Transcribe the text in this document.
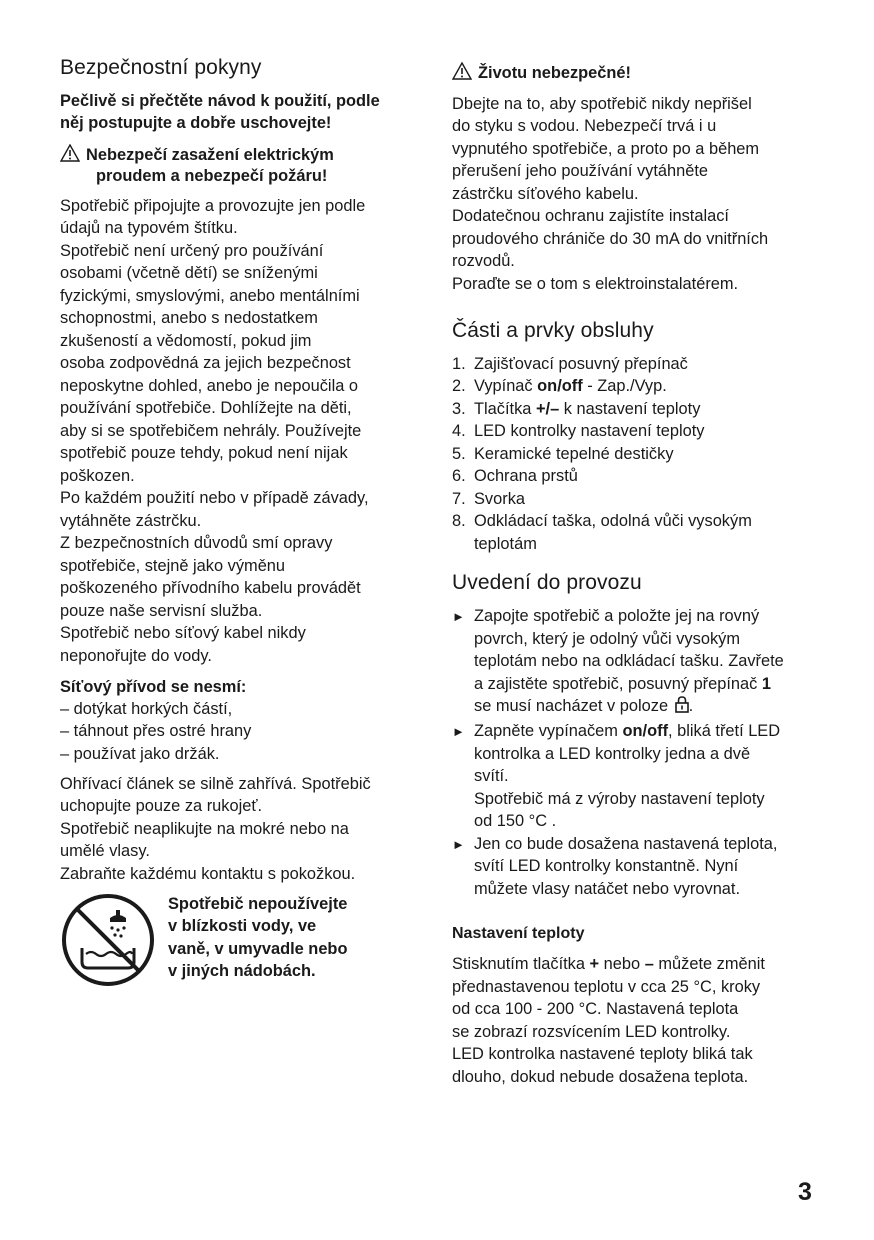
Bezpečnostní pokyny
Pečlivě si přečtěte návod k použití, podle
něj postupujte a dobře uschovejte!
Nebezpečí zasažení elektrickým
proudem a nebezpečí požáru!
Spotřebič připojujte a provozujte jen podle
údajů na typovém štítku.
Spotřebič není určený pro používání
osobami (včetně dětí) se sníženými
fyzickými, smyslovými, anebo mentálními
schopnostmi, anebo s nedostatkem
zkušeností a vědomostí, pokud jim
osoba zodpovědná za jejich bezpečnost
neposkytne dohled, anebo je nepoučila o
používání spotřebiče. Dohlížejte na děti,
aby si se spotřebičem nehrály. Používejte
spotřebič pouze tehdy, pokud není nijak
poškozen.
Po každém použití nebo v případě závady,
vytáhněte zástrčku.
Z bezpečnostních důvodů smí opravy
spotřebiče, stejně jako výměnu
poškozeného přívodního kabelu provádět
pouze naše servisní služba.
Spotřebič nebo síťový kabel nikdy
neponořujte do vody.
Síťový přívod se nesmí:
– dotýkat horkých částí,
– táhnout přes ostré hrany
– používat jako držák.
Ohřívací článek se silně zahřívá. Spotřebič
uchopujte pouze za rukojeť.
Spotřebič neaplikujte na mokré nebo na
umělé vlasy.
Zabraňte každému kontaktu s pokožkou.
Spotřebič nepoužívejte
v blízkosti vody, ve
vaně, v umyvadle nebo
v jiných nádobách.
Životu nebezpečné!
Dbejte na to, aby spotřebič nikdy nepřišel
do styku s vodou. Nebezpečí trvá i u
vypnutého spotřebiče, a proto po a během
přerušení jeho používání vytáhněte
zástrčku síťového kabelu.
Dodatečnou ochranu zajistíte instalací
proudového chrániče do 30 mA do vnitřních
rozvodů.
Poraďte se o tom s elektroinstalatérem.
Části a prvky obsluhy
1. Zajišťovací posuvný přepínač
2. Vypínač on/off - Zap./Vyp.
3. Tlačítka +/– k nastavení teploty
4. LED kontrolky nastavení teploty
5. Keramické tepelné destičky
6. Ochrana prstů
7. Svorka
8. Odkládací taška, odolná vůči vysokým
teplotám
Uvedení do provozu
► Zapojte spotřebič a položte jej na rovný
povrch, který je odolný vůči vysokým
teplotám nebo na odkládací tašku. Zavřete
a zajistěte spotřebič, posuvný přepínač 1
se musí nacházet v poloze .
► Zapněte vypínačem on/off, bliká třetí LED
kontrolka a LED kontrolky jedna a dvě
svítí.
Spotřebič má z výroby nastavení teploty
od 150 °C .
► Jen co bude dosažena nastavená teplota,
svítí LED kontrolky konstantně. Nyní
můžete vlasy natáčet nebo vyrovnat.
Nastavení teploty
Stisknutím tlačítka + nebo – můžete změnit
přednastavenou teplotu v cca 25 °C, kroky
od cca 100 - 200 °C. Nastavená teplota
se zobrazí rozsvícením LED kontrolky.
LED kontrolka nastavené teploty bliká tak
dlouho, dokud nebude dosažena teplota.
3
